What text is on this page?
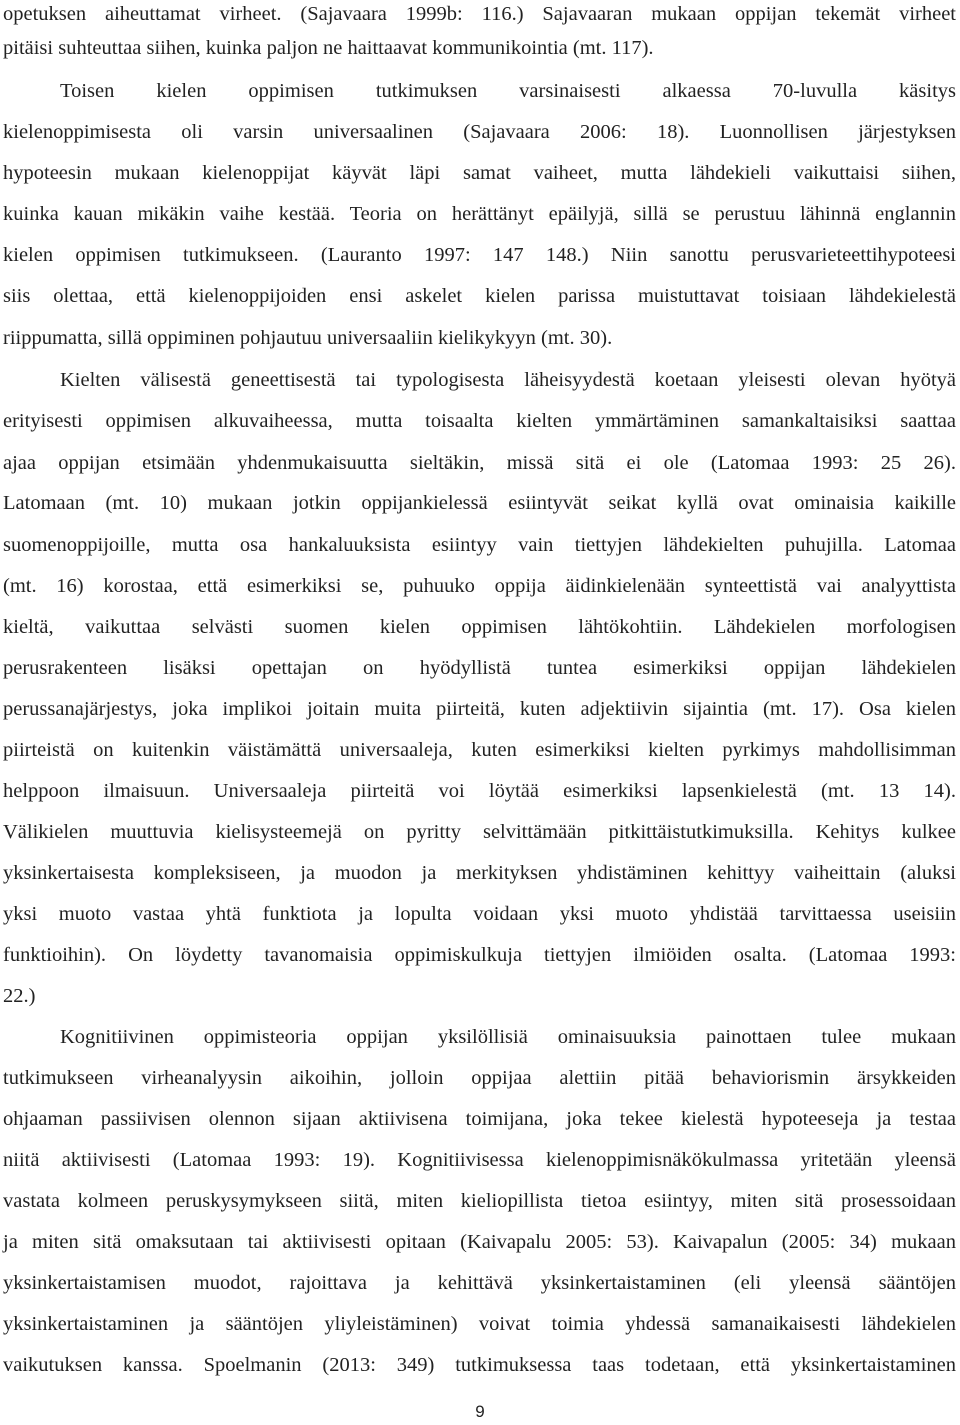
opetuksen aiheuttamat virheet. (Sajavaara 1999b: 116.) Sajavaaran mukaan oppijan tekemät virheet
pitäisi suhteuttaa siihen, kuinka paljon ne haittaavat kommunikointia (mt. 117).
Toisen kielen oppimisen tutkimuksen varsinaisesti alkaessa 70-luvulla käsitys
kielenoppimisesta oli varsin universaalinen (Sajavaara 2006: 18). Luonnollisen järjestyksen
hypoteesin mukaan kielenoppijat käyvät läpi samat vaiheet, mutta lähdekieli vaikuttaisi siihen,
kuinka kauan mikäkin vaihe kestää. Teoria on herättänyt epäilyjä, sillä se perustuu lähinnä englannin
kielen oppimisen tutkimukseen. (Lauranto 1997: 147 148.) Niin sanottu perusvarieteettihypoteesi
siis olettaa, että kielenoppijoiden ensi askelet kielen parissa muistuttavat toisiaan lähdekielestä
riippumatta, sillä oppiminen pohjautuu universaaliin kielikykyyn (mt. 30).
Kielten välisestä geneettisestä tai typologisesta läheisyydestä koetaan yleisesti olevan hyötyä
erityisesti oppimisen alkuvaiheessa, mutta toisaalta kielten ymmärtäminen samankaltaisiksi saattaa
ajaa oppijan etsimään yhdenmukaisuutta sieltäkin, missä sitä ei ole (Latomaa 1993: 25 26).
Latomaan (mt. 10) mukaan jotkin oppijankielessä esiintyvät seikat kyllä ovat ominaisia kaikille
suomenoppijoille, mutta osa hankaluuksista esiintyy vain tiettyjen lähdekielten puhujilla. Latomaa
(mt. 16) korostaa, että esimerkiksi se, puhuuko oppija äidinkielenään synteettistä vai analyyttista
kieltä, vaikuttaa selvästi suomen kielen oppimisen lähtökohtiin. Lähdekielen morfologisen
perusrakenteen lisäksi opettajan on hyödyllistä tuntea esimerkiksi oppijan lähdekielen
perussanajärjestys, joka implikoi joitain muita piirteitä, kuten adjektiivin sijaintia (mt. 17). Osa kielen
piirteistä on kuitenkin väistämättä universaaleja, kuten esimerkiksi kielten pyrkimys mahdollisimman
helppoon ilmaisuun. Universaaleja piirteitä voi löytää esimerkiksi lapsenkielestä (mt. 13 14).
Välikielen muuttuvia kielisysteemejä on pyritty selvittämään pitkittäistutkimuksilla. Kehitys kulkee
yksinkertaisesta kompleksiseen, ja muodon ja merkityksen yhdistäminen kehittyy vaiheittain (aluksi
yksi muoto vastaa yhtä funktiota ja lopulta voidaan yksi muoto yhdistää tarvittaessa useisiin
funktioihin). On löydetty tavanomaisia oppimiskulkuja tiettyjen ilmiöiden osalta. (Latomaa 1993:
22.)
Kognitiivinen oppimisteoria oppijan yksilöllisiä ominaisuuksia painottaen tulee mukaan
tutkimukseen virheanalyysin aikoihin, jolloin oppijaa alettiin pitää behaviorismin ärsykkeiden
ohjaaman passiivisen olennon sijaan aktiivisena toimijana, joka tekee kielestä hypoteeseja ja testaa
niitä aktiivisesti (Latomaa 1993: 19). Kognitiivisessa kielenoppimisnäkökulmassa yritetään yleensä
vastata kolmeen peruskysymykseen siitä, miten kieliopillista tietoa esiintyy, miten sitä prosessoidaan
ja miten sitä omaksutaan tai aktiivisesti opitaan (Kaivapalu 2005: 53). Kaivapalun (2005: 34) mukaan
yksinkertaistamisen muodot, rajoittava ja kehittävä yksinkertaistaminen (eli yleensä sääntöjen
yksinkertaistaminen ja sääntöjen yliyleistäminen) voivat toimia yhdessä samanaikaisesti lähdekielen
vaikutuksen kanssa. Spoelmanin (2013: 349) tutkimuksessa taas todetaan, että yksinkertaistaminen
9
